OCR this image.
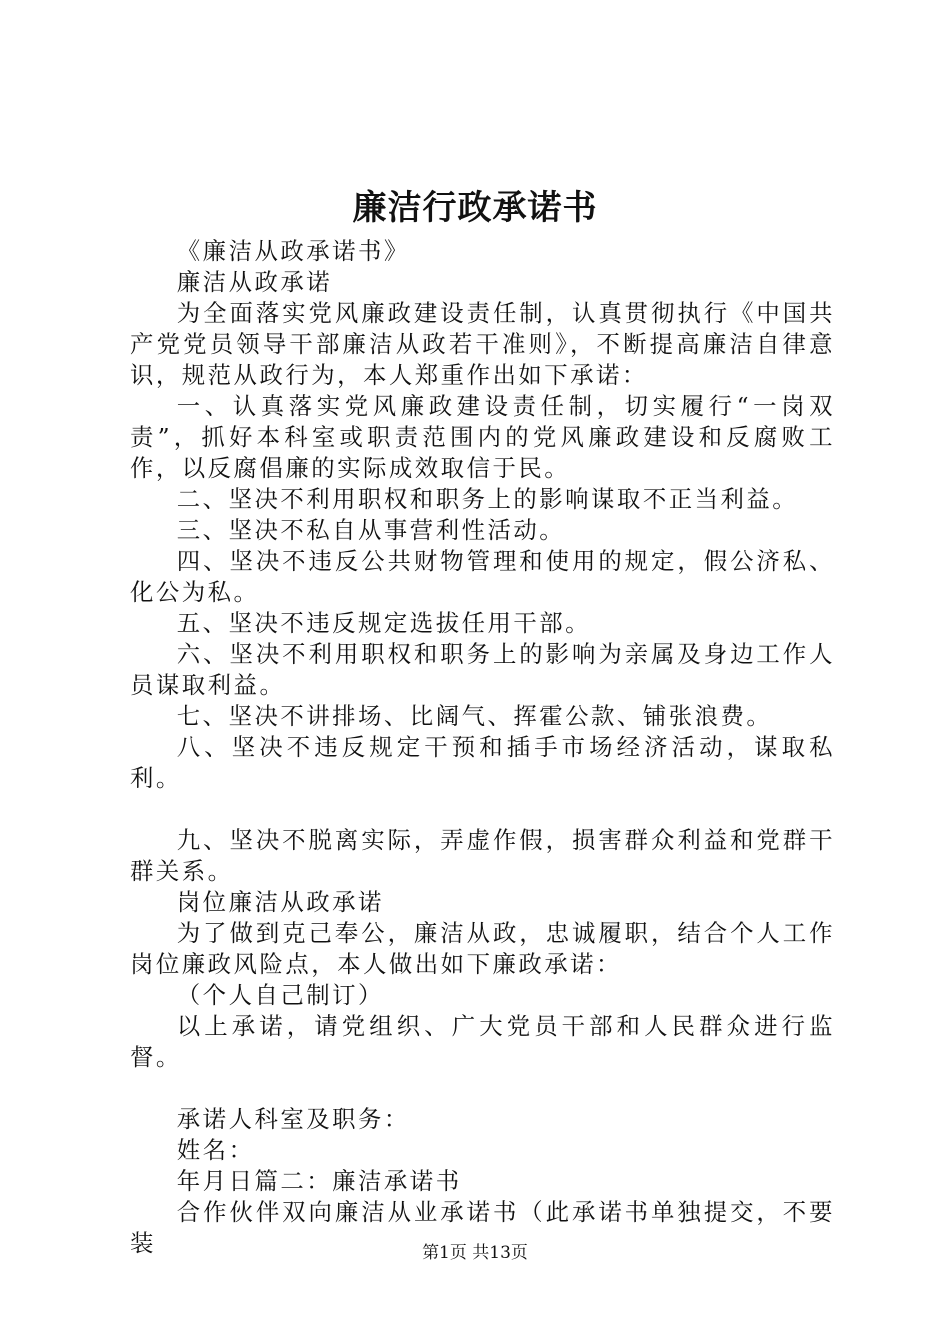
廉洁行政承诺书

《廉洁从政承诺书》

廉洁从政承诺

为全面落实党风廉政建设责任制，认真贯彻执行《中国共产党党员领导干部廉洁从政若干准则》，不断提高廉洁自律意识，规范从政行为，本人郑重作出如下承诺：

一、认真落实党风廉政建设责任制，切实履行“一岗双责”，抓好本科室或职责范围内的党风廉政建设和反腐败工作，以反腐倡廉的实际成效取信于民。

二、坚决不利用职权和职务上的影响谋取不正当利益。

三、坚决不私自从事营利性活动。

四、坚决不违反公共财物管理和使用的规定，假公济私、化公为私。

五、坚决不违反规定选拔任用干部。

六、坚决不利用职权和职务上的影响为亲属及身边工作人员谋取利益。

七、坚决不讲排场、比阔气、挥霍公款、铺张浪费。

八、坚决不违反规定干预和插手市场经济活动，谋取私利。

九、坚决不脱离实际，弄虚作假，损害群众利益和党群干群关系。

岗位廉洁从政承诺

为了做到克己奉公，廉洁从政，忠诚履职，结合个人工作岗位廉政风险点，本人做出如下廉政承诺：

（个人自己制订）

以上承诺，请党组织、广大党员干部和人民群众进行监督。

承诺人科室及职务：

姓名：

年月日篇二：廉洁承诺书

合作伙伴双向廉洁从业承诺书（此承诺书单独提交，不要装	第1页 共13页
